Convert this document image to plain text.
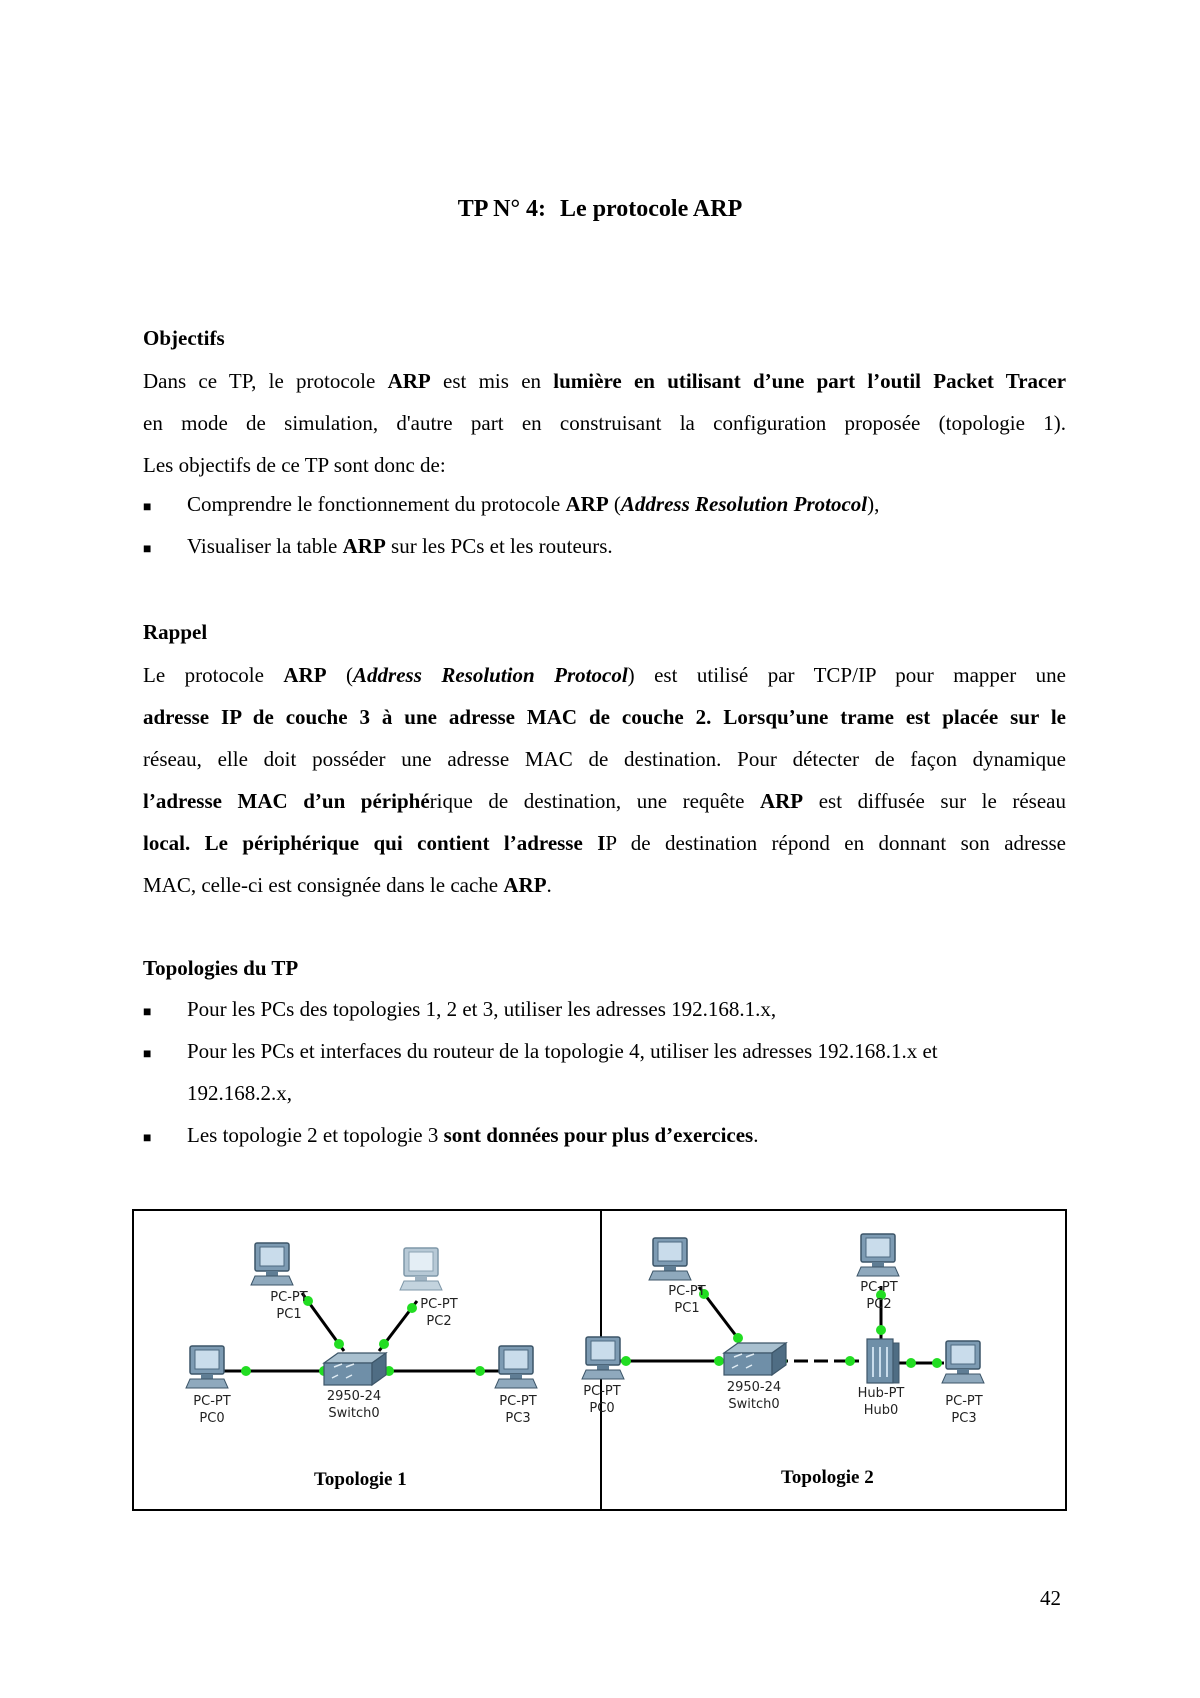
TP N° 4: Le protocole ARP
Objectifs
Dans ce TP, le protocole ARP est mis en lumière en utilisant d’une part l’outil Packet Tracer
en mode de simulation, d'autre part en construisant la configuration proposée (topologie 1).
Les objectifs de ce TP sont donc de:
■ Comprendre le fonctionnement du protocole ARP (Address Resolution Protocol),
■ Visualiser la table ARP sur les PCs et les routeurs.
Rappel
Le protocole ARP (Address Resolution Protocol) est utilisé par TCP/IP pour mapper une
adresse IP de couche 3 à une adresse MAC de couche 2. Lorsqu’une trame est placée sur le
réseau, elle doit posséder une adresse MAC de destination. Pour détecter de façon dynamique
l’adresse MAC d’un périphérique de destination, une requête ARP est diffusée sur le réseau
local. Le périphérique qui contient l’adresse IP de destination répond en donnant son adresse
MAC, celle-ci est consignée dans le cache ARP.
Topologies du TP
■ Pour les PCs des topologies 1, 2 et 3, utiliser les adresses 192.168.1.x,
■ Pour les PCs et interfaces du routeur de la topologie 4, utiliser les adresses 192.168.1.x et
192.168.2.x,
■ Les topologie 2 et topologie 3 sont données pour plus d’exercices.
PC-PT
PC1
PC-PT
PC2
PC-PT
PC0
PC-PT
PC3
2950-24
Switch0
Topologie 1
PC-PT
PC1
PC-PT
PC2
PC-PT
PC0	PC-PT
PC3
2950-24
Switch0
Hub-PT
Hub0
Topologie 2
42
